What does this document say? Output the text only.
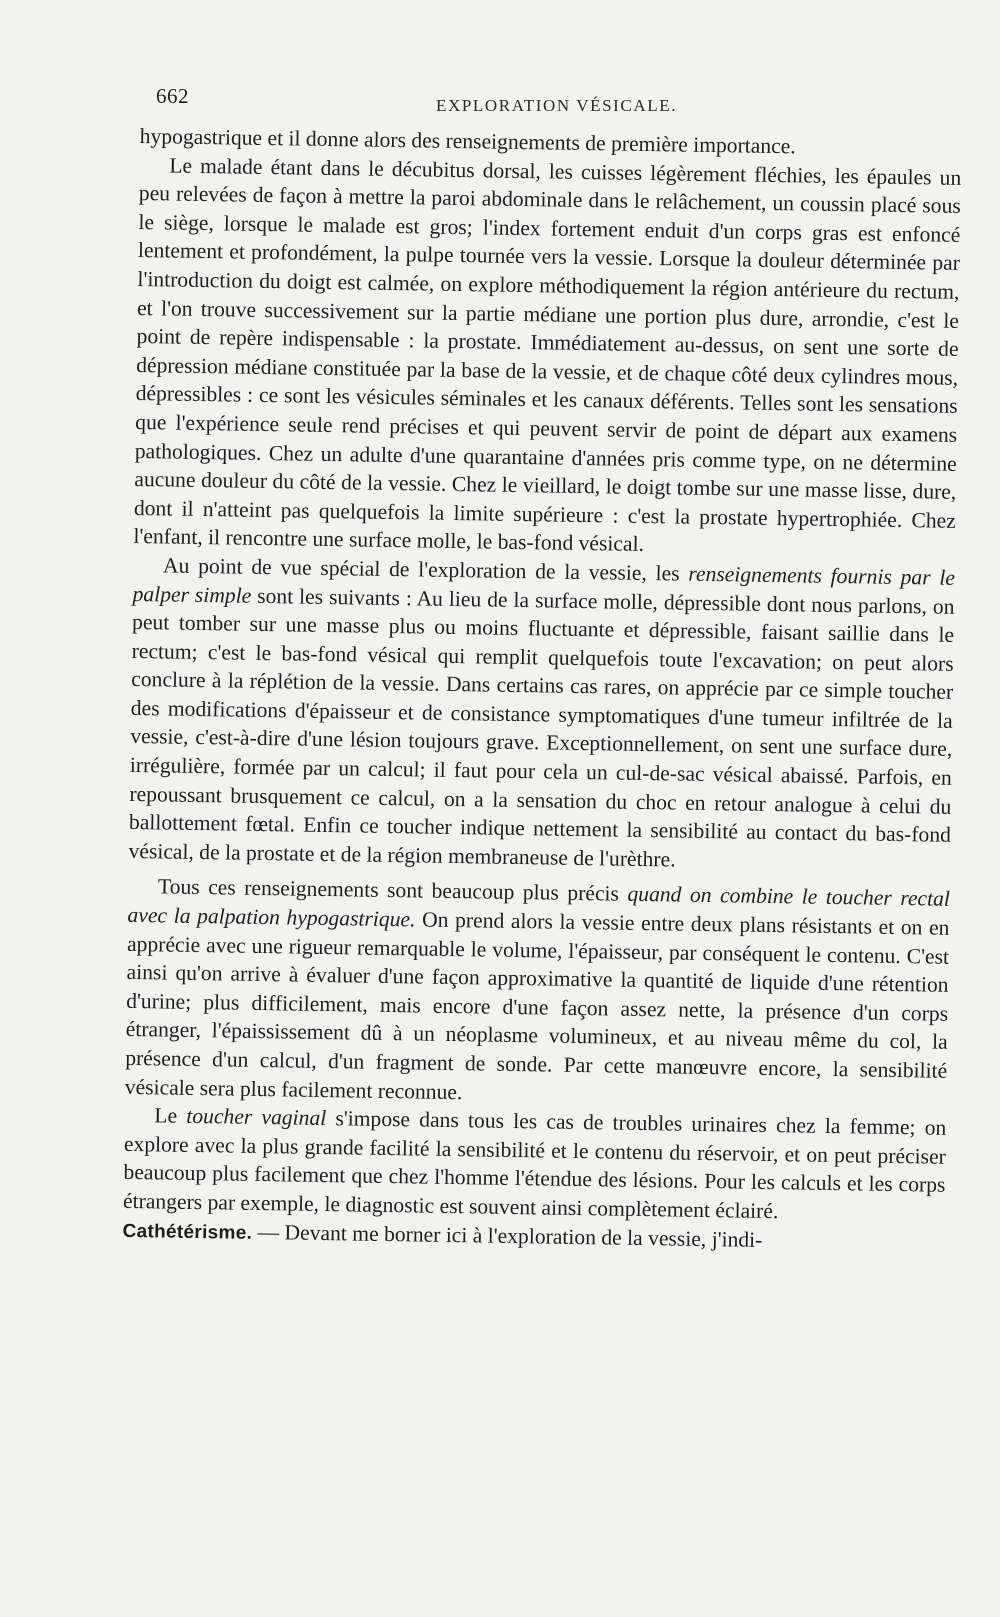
662	EXPLORATION VÉSICALE.

hypogastrique et il donne alors des renseignements de première importance.

Le malade étant dans le décubitus dorsal, les cuisses légèrement fléchies, les épaules un peu relevées de façon à mettre la paroi abdominale dans le relâchement, un coussin placé sous le siège, lorsque le malade est gros; l'index fortement enduit d'un corps gras est enfoncé lentement et profondément, la pulpe tournée vers la vessie. Lorsque la douleur déterminée par l'introduction du doigt est calmée, on explore méthodiquement la région antérieure du rectum, et l'on trouve successivement sur la partie médiane une portion plus dure, arrondie, c'est le point de repère indispensable : la prostate. Immédiatement au-dessus, on sent une sorte de dépression médiane constituée par la base de la vessie, et de chaque côté deux cylindres mous, dépressibles : ce sont les vésicules séminales et les canaux déférents. Telles sont les sensations que l'expérience seule rend précises et qui peuvent servir de point de départ aux examens pathologiques. Chez un adulte d'une quarantaine d'années pris comme type, on ne détermine aucune douleur du côté de la vessie. Chez le vieillard, le doigt tombe sur une masse lisse, dure, dont il n'atteint pas quelquefois la limite supérieure : c'est la prostate hypertrophiée. Chez l'enfant, il rencontre une surface molle, le bas-fond vésical.

Au point de vue spécial de l'exploration de la vessie, les renseignements fournis par le palper simple sont les suivants : Au lieu de la surface molle, dépressible dont nous parlons, on peut tomber sur une masse plus ou moins fluctuante et dépressible, faisant saillie dans le rectum; c'est le bas-fond vésical qui remplit quelquefois toute l'excavation; on peut alors conclure à la réplétion de la vessie. Dans certains cas rares, on apprécie par ce simple toucher des modifications d'épaisseur et de consistance symptomatiques d'une tumeur infiltrée de la vessie, c'est-à-dire d'une lésion toujours grave. Exceptionnellement, on sent une surface dure, irrégulière, formée par un calcul; il faut pour cela un cul-de-sac vésical abaissé. Parfois, en repoussant brusquement ce calcul, on a la sensation du choc en retour analogue à celui du ballottement fœtal. Enfin ce toucher indique nettement la sensibilité au contact du bas-fond vésical, de la prostate et de la région membraneuse de l'urèthre.

Tous ces renseignements sont beaucoup plus précis quand on combine le toucher rectal avec la palpation hypogastrique. On prend alors la vessie entre deux plans résistants et on en apprécie avec une rigueur remarquable le volume, l'épaisseur, par conséquent le contenu. C'est ainsi qu'on arrive à évaluer d'une façon approximative la quantité de liquide d'une rétention d'urine; plus difficilement, mais encore d'une façon assez nette, la présence d'un corps étranger, l'épaississement dû à un néoplasme volumineux, et au niveau même du col, la présence d'un calcul, d'un fragment de sonde. Par cette manœuvre encore, la sensibilité vésicale sera plus facilement reconnue.

Le toucher vaginal s'impose dans tous les cas de troubles urinaires chez la femme; on explore avec la plus grande facilité la sensibilité et le contenu du réservoir, et on peut préciser beaucoup plus facilement que chez l'homme l'étendue des lésions. Pour les calculs et les corps étrangers par exemple, le diagnostic est souvent ainsi complètement éclairé.

Cathétérisme. — Devant me borner ici à l'exploration de la vessie, j'indi-
